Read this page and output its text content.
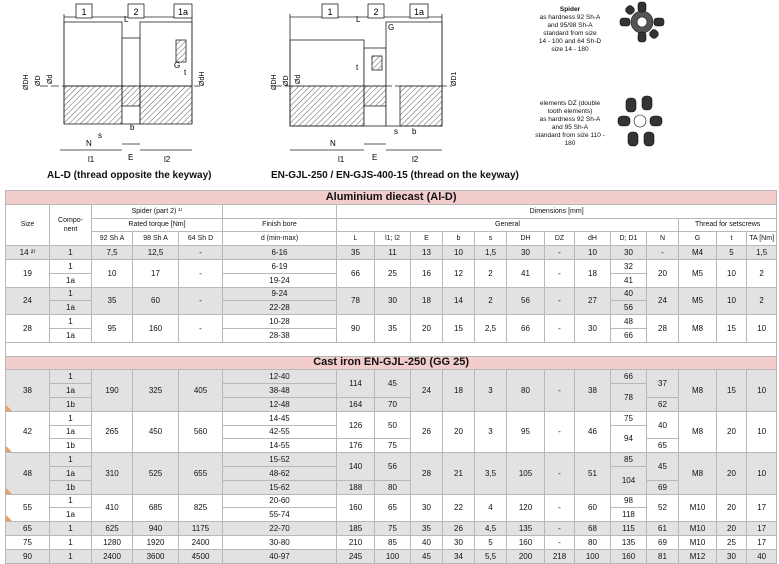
1	2	1a
L
G
t
ØDH ØD Ød	ØdH
s
b
N
E
l1	l2
1	2	1a
L
G
t
ØDH ØD Ød	ØD1
s b
N
E
l1	l2
AL-D (thread opposite the keyway)	EN-GJL-250 / EN-GJS-400-15 (thread on the keyway)
Spider
as hardness 92 Sh-A
and 95/98 Sh-A
standard from size
14 - 100 and 64 Sh-D
size 14 - 180
elements DZ (double
tooth elements)
as hardness 92 Sh-A
and 95 Sh-A
standard from size 110 -
180
Aluminium diecast (Al-D)																		
Size	Compo-
nent	Spider (part 2) ¹⁾				Dimensions [mm]												
		Rated torque [Nm]			Finish bore	General										Thread for setscrews		
		92 Sh A	98 Sh A	64 Sh D	d (min-max)	L	l1; l2	E	b	s	DH	DZ	dH	D; D1	N	G	t	TA [Nm]
14 ²⁾	1	7,5	12,5	-	6-16	35	11	13	10	1,5	30	-	10	30	-	M4	5	1,5
19	1	10	17	-	6-19	66	25	16	12	2	41	-	18	32	20	M5	10	2
	1a				19-24									41				
24	1	35	60	-	9-24	78	30	18	14	2	56	-	27	40	24	M5	10	2
	1a				22-28									56				
28	1	95	160	-	10-28	90	35	20	15	2,5	66	-	30	48	28	M8	15	10
	1a				28-38									66				

Cast iron EN-GJL-250 (GG 25)																		
38	1	190	325	405	12-40	114	45	24	18	3	80	-	38	66	37	M8	15	10
	1a				38-48									78				
	1b				12-48	164	70								62			
42	1	265	450	560	14-45	126	50	26	20	3	95	-	46	75	40	M8	20	10
	1a				42-55									94				
	1b				14-55	176	75								65			
48	1	310	525	655	15-52	140	56	28	21	3,5	105	-	51	85	45	M8	20	10
	1a				48-62									104				
	1b				15-62	188	80								69			
55	1	410	685	825	20-60	160	65	30	22	4	120	-	60	98	52	M10	20	17
	1a				55-74									118				
65	1	625	940	1175	22-70	185	75	35	26	4,5	135	-	68	115	61	M10	20	17
75	1	1280	1920	2400	30-80	210	85	40	30	5	160	-	80	135	69	M10	25	17
90	1	2400	3600	4500	40-97	245	100	45	34	5,5	200	218	100	160	81	M12	30	40
